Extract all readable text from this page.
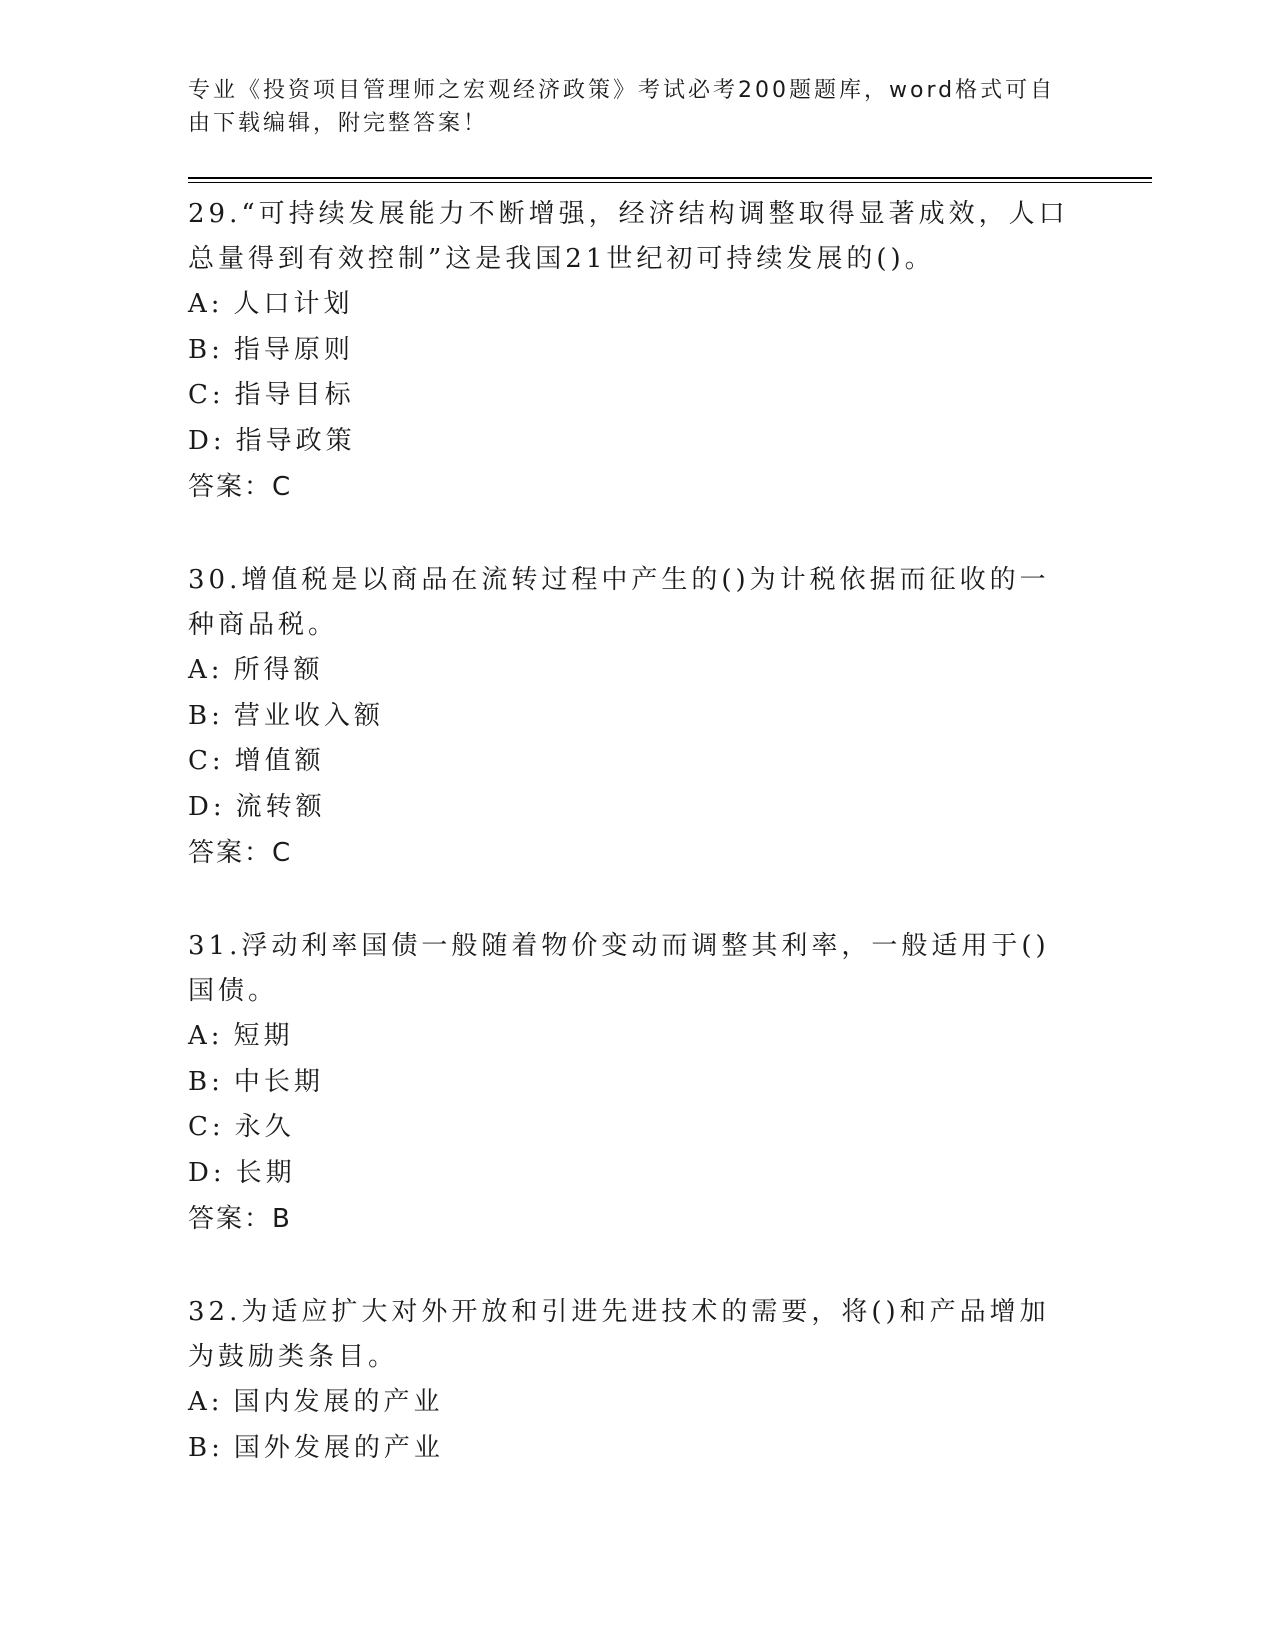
专业《投资项目管理师之宏观经济政策》考试必考200题题库，word格式可自由下载编辑，附完整答案！

29.“可持续发展能力不断增强，经济结构调整取得显著成效，人口总量得到有效控制”这是我国21世纪初可持续发展的()。

A: 人口计划
B: 指导原则
C: 指导目标
D: 指导政策
答案：C

30.增值税是以商品在流转过程中产生的()为计税依据而征收的一种商品税。

A: 所得额
B: 营业收入额
C: 增值额
D: 流转额
答案：C

31.浮动利率国债一般随着物价变动而调整其利率，一般适用于()国债。

A: 短期
B: 中长期
C: 永久
D: 长期
答案：B

32.为适应扩大对外开放和引进先进技术的需要，将()和产品增加为鼓励类条目。

A: 国内发展的产业
B: 国外发展的产业
